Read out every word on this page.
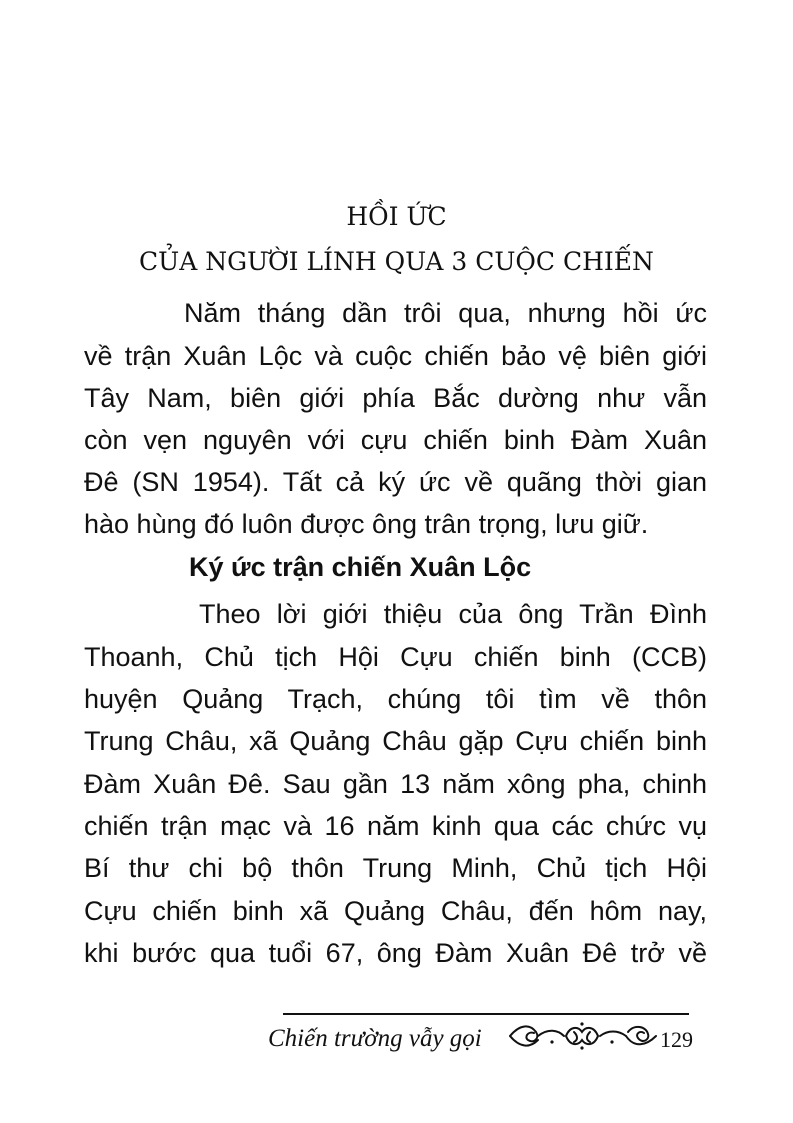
HỒI ỨC
CỦA NGƯỜI LÍNH QUA 3 CUỘC CHIẾN
Năm tháng dần trôi qua, nhưng hồi ức
về trận Xuân Lộc và cuộc chiến bảo vệ biên giới
Tây Nam, biên giới phía Bắc dường như vẫn
còn vẹn nguyên với cựu chiến binh Đàm Xuân
Đê (SN 1954). Tất cả ký ức về quãng thời gian
hào hùng đó luôn được ông trân trọng, lưu giữ.
Ký ức trận chiến Xuân Lộc
Theo lời giới thiệu của ông Trần Đình
Thoanh, Chủ tịch Hội Cựu chiến binh (CCB)
huyện Quảng Trạch, chúng tôi tìm về thôn
Trung Châu, xã Quảng Châu gặp Cựu chiến binh
Đàm Xuân Đê. Sau gần 13 năm xông pha, chinh
chiến trận mạc và 16 năm kinh qua các chức vụ
Bí thư chi bộ thôn Trung Minh, Chủ tịch Hội
Cựu chiến binh xã Quảng Châu, đến hôm nay,
khi bước qua tuổi 67, ông Đàm Xuân Đê trở về
Chiến trường vẫy gọi	129
